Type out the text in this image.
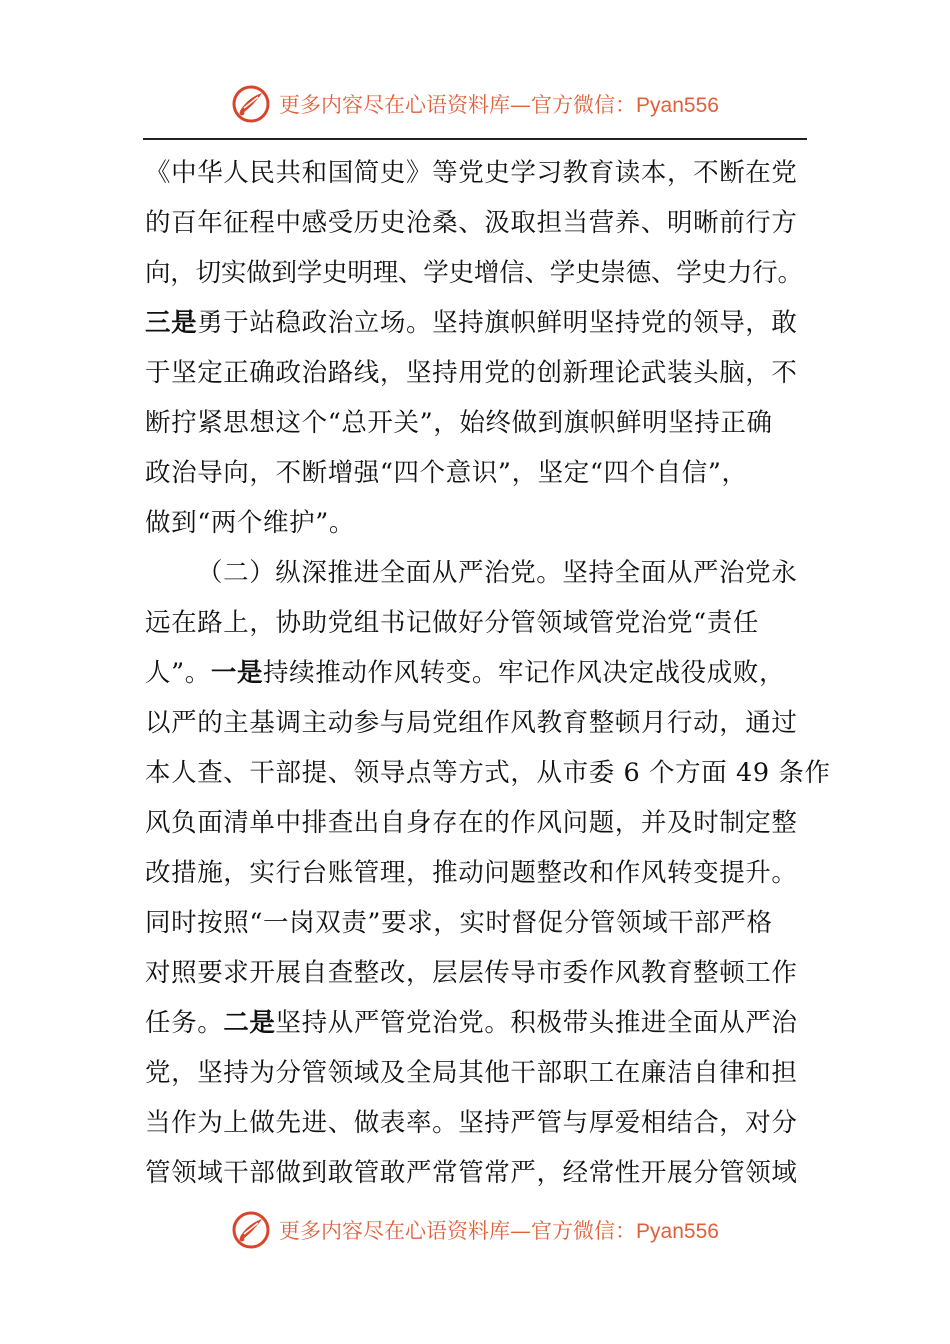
更多内容尽在心语资料库—官方微信：Pyan556
《中华人民共和国简史》等党史学习教育读本，不断在党
的百年征程中感受历史沧桑、汲取担当营养、明晰前行方
向，切实做到学史明理、学史增信、学史崇德、学史力行。
三是勇于站稳政治立场。坚持旗帜鲜明坚持党的领导，敢
于坚定正确政治路线，坚持用党的创新理论武装头脑，不
断拧紧思想这个“总开关”，始终做到旗帜鲜明坚持正确
政治导向，不断增强“四个意识”，坚定“四个自信”，
做到“两个维护”。
（二）纵深推进全面从严治党。坚持全面从严治党永
远在路上，协助党组书记做好分管领域管党治党“责任
人”。一是持续推动作风转变。牢记作风决定战役成败，
以严的主基调主动参与局党组作风教育整顿月行动，通过
本人查、干部提、领导点等方式，从市委 6 个方面 49 条作
风负面清单中排查出自身存在的作风问题，并及时制定整
改措施，实行台账管理，推动问题整改和作风转变提升。
同时按照“一岗双责”要求，实时督促分管领域干部严格
对照要求开展自查整改，层层传导市委作风教育整顿工作
任务。二是坚持从严管党治党。积极带头推进全面从严治
党，坚持为分管领域及全局其他干部职工在廉洁自律和担
当作为上做先进、做表率。坚持严管与厚爱相结合，对分
管领域干部做到敢管敢严常管常严，经常性开展分管领域
更多内容尽在心语资料库—官方微信：Pyan556
